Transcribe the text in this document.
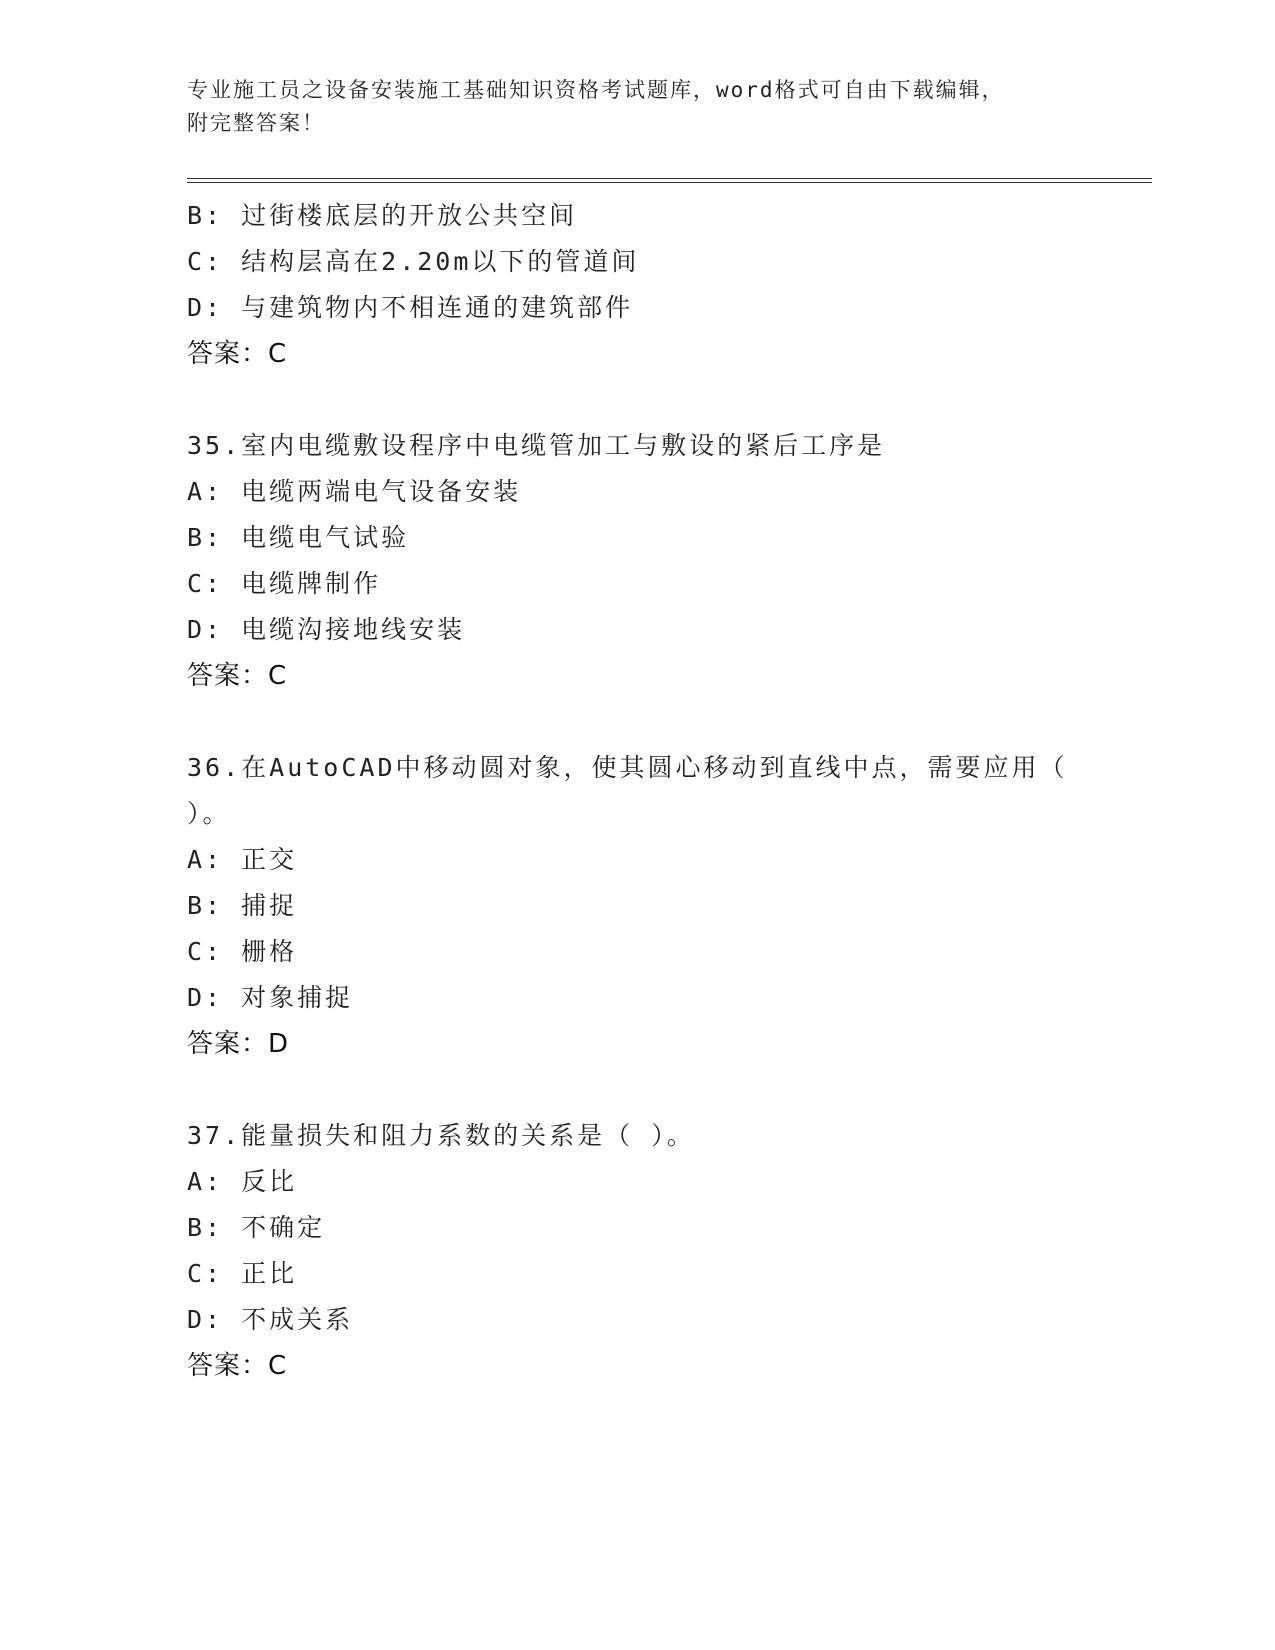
专业施工员之设备安装施工基础知识资格考试题库，word格式可自由下载编辑，
附完整答案！
B: 过街楼底层的开放公共空间
C: 结构层高在2.20m以下的管道间
D: 与建筑物内不相连通的建筑部件
答案：C
35.室内电缆敷设程序中电缆管加工与敷设的紧后工序是
A: 电缆两端电气设备安装
B: 电缆电气试验
C: 电缆牌制作
D: 电缆沟接地线安装
答案：C
36.在AutoCAD中移动圆对象，使其圆心移动到直线中点，需要应用（
）。
A: 正交
B: 捕捉
C: 栅格
D: 对象捕捉
答案：D
37.能量损失和阻力系数的关系是（ ）。
A: 反比
B: 不确定
C: 正比
D: 不成关系
答案：C
